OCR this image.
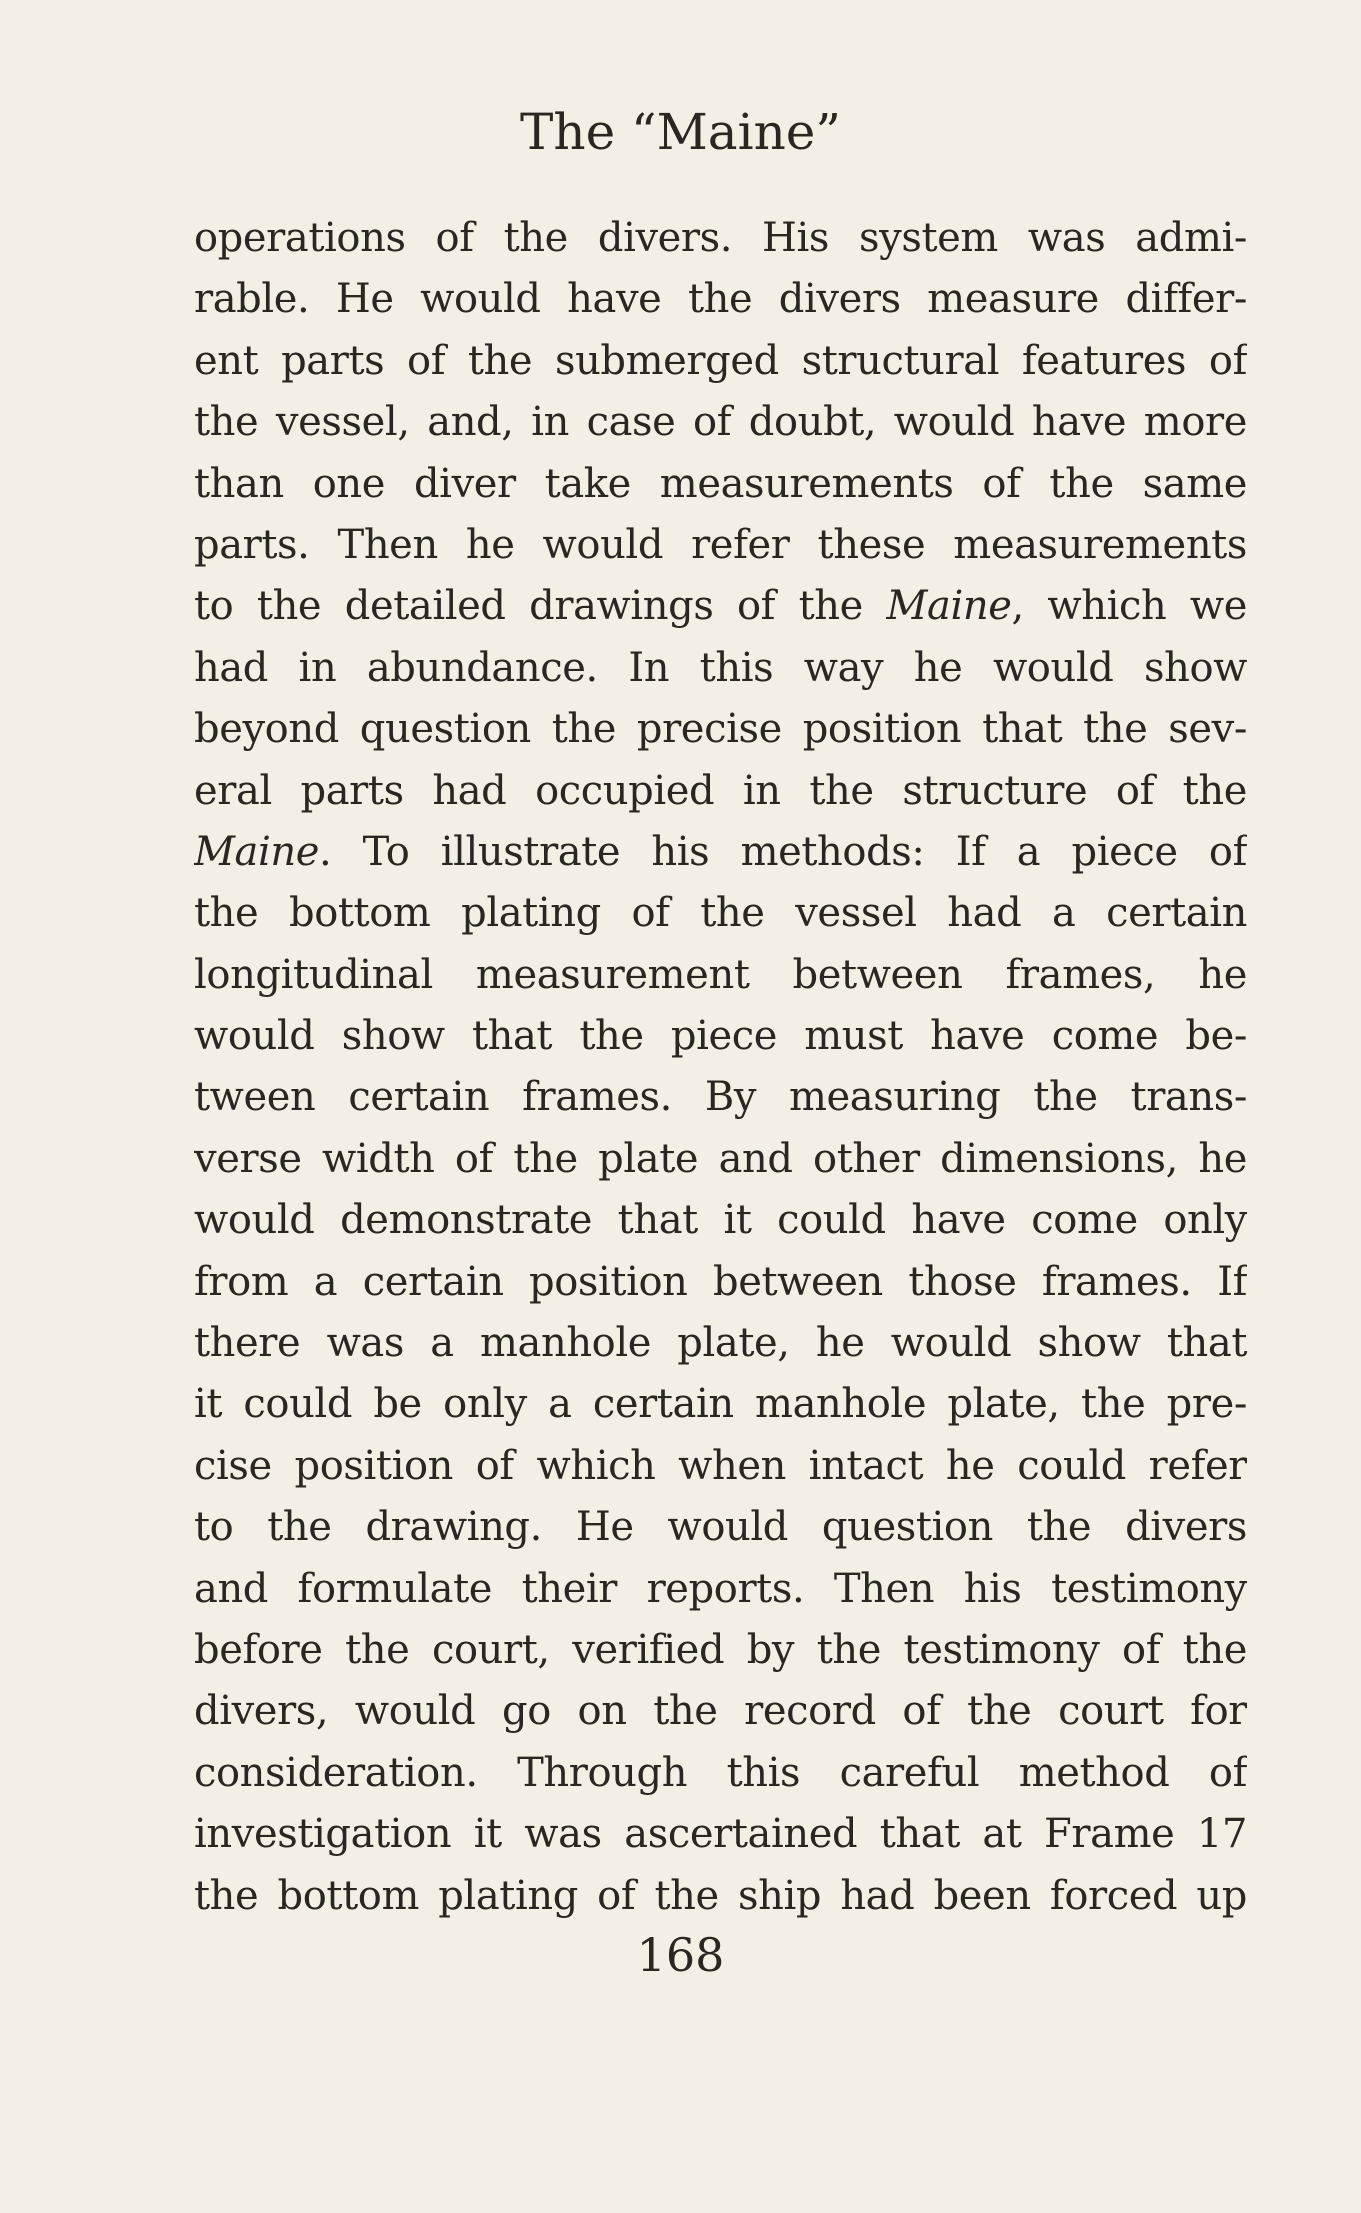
The “Maine”
operations of the divers. His system was admi-
rable. He would have the divers measure differ-
ent parts of the submerged structural features of
the vessel, and, in case of doubt, would have more
than one diver take measurements of the same
parts. Then he would refer these measurements
to the detailed drawings of the Maine, which we
had in abundance. In this way he would show
beyond question the precise position that the sev-
eral parts had occupied in the structure of the
Maine. To illustrate his methods: If a piece of
the bottom plating of the vessel had a certain
longitudinal measurement between frames, he
would show that the piece must have come be-
tween certain frames. By measuring the trans-
verse width of the plate and other dimensions, he
would demonstrate that it could have come only
from a certain position between those frames. If
there was a manhole plate, he would show that
it could be only a certain manhole plate, the pre-
cise position of which when intact he could refer
to the drawing. He would question the divers
and formulate their reports. Then his testimony
before the court, verified by the testimony of the
divers, would go on the record of the court for
consideration. Through this careful method of
investigation it was ascertained that at Frame 17
the bottom plating of the ship had been forced up
168
